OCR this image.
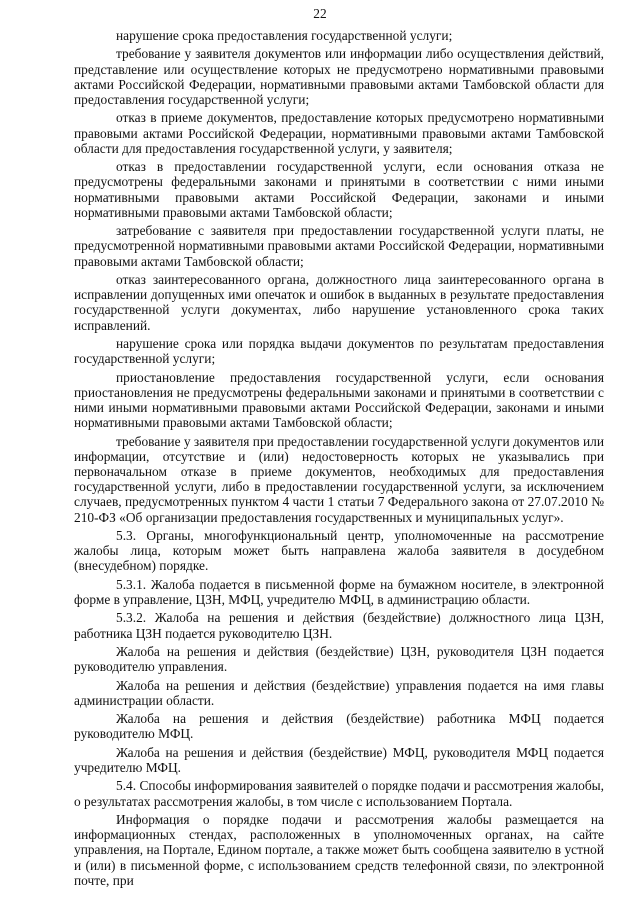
22

нарушение срока предоставления государственной услуги;

требование у заявителя документов или информации либо осуществления действий, представление или осуществление которых не предусмотрено нормативными правовыми актами Российской Федерации, нормативными правовыми актами Тамбовской области для предоставления государственной услуги;

отказ в приеме документов, предоставление которых предусмотрено нормативными правовыми актами Российской Федерации, нормативными правовыми актами Тамбовской области для предоставления государственной услуги, у заявителя;

отказ в предоставлении государственной услуги, если основания отказа не предусмотрены федеральными законами и принятыми в соответствии с ними иными нормативными правовыми актами Российской Федерации, законами и иными нормативными правовыми актами Тамбовской области;

затребование с заявителя при предоставлении государственной услуги платы, не предусмотренной нормативными правовыми актами Российской Федерации, нормативными правовыми актами Тамбовской области;

отказ заинтересованного органа, должностного лица заинтересованного органа в исправлении допущенных ими опечаток и ошибок в выданных в результате предоставления государственной услуги документах, либо нарушение установленного срока таких исправлений.

нарушение срока или порядка выдачи документов по результатам предоставления государственной услуги;

приостановление предоставления государственной услуги, если основания приостановления не предусмотрены федеральными законами и принятыми в соответствии с ними иными нормативными правовыми актами Российской Федерации, законами и иными нормативными правовыми актами Тамбовской области;

требование у заявителя при предоставлении государственной услуги документов или информации, отсутствие и (или) недостоверность которых не указывались при первоначальном отказе в приеме документов, необходимых для предоставления государственной услуги, либо в предоставлении государственной услуги, за исключением случаев, предусмотренных пунктом 4 части 1 статьи 7 Федерального закона от 27.07.2010 № 210-ФЗ «Об организации предоставления государственных и муниципальных услуг».

5.3. Органы, многофункциональный центр, уполномоченные на рассмотрение жалобы лица, которым может быть направлена жалоба заявителя в досудебном (внесудебном) порядке.

5.3.1. Жалоба подается в письменной форме на бумажном носителе, в электронной форме в управление, ЦЗН, МФЦ, учредителю МФЦ, в администрацию области.

5.3.2. Жалоба на решения и действия (бездействие) должностного лица ЦЗН, работника ЦЗН подается руководителю ЦЗН.

Жалоба на решения и действия (бездействие) ЦЗН, руководителя ЦЗН подается руководителю управления.

Жалоба на решения и действия (бездействие) управления подается на имя главы администрации области.

Жалоба на решения и действия (бездействие) работника МФЦ подается руководителю МФЦ.

Жалоба на решения и действия (бездействие) МФЦ, руководителя МФЦ подается учредителю МФЦ.

5.4. Способы информирования заявителей о порядке подачи и рассмотрения жалобы, о результатах рассмотрения жалобы, в том числе с использованием Портала.

Информация о порядке подачи и рассмотрения жалобы размещается на информационных стендах, расположенных в уполномоченных органах, на сайте управления, на Портале, Едином портале, а также может быть сообщена заявителю в устной и (или) в письменной форме, с использованием средств телефонной связи, по электронной почте, при
